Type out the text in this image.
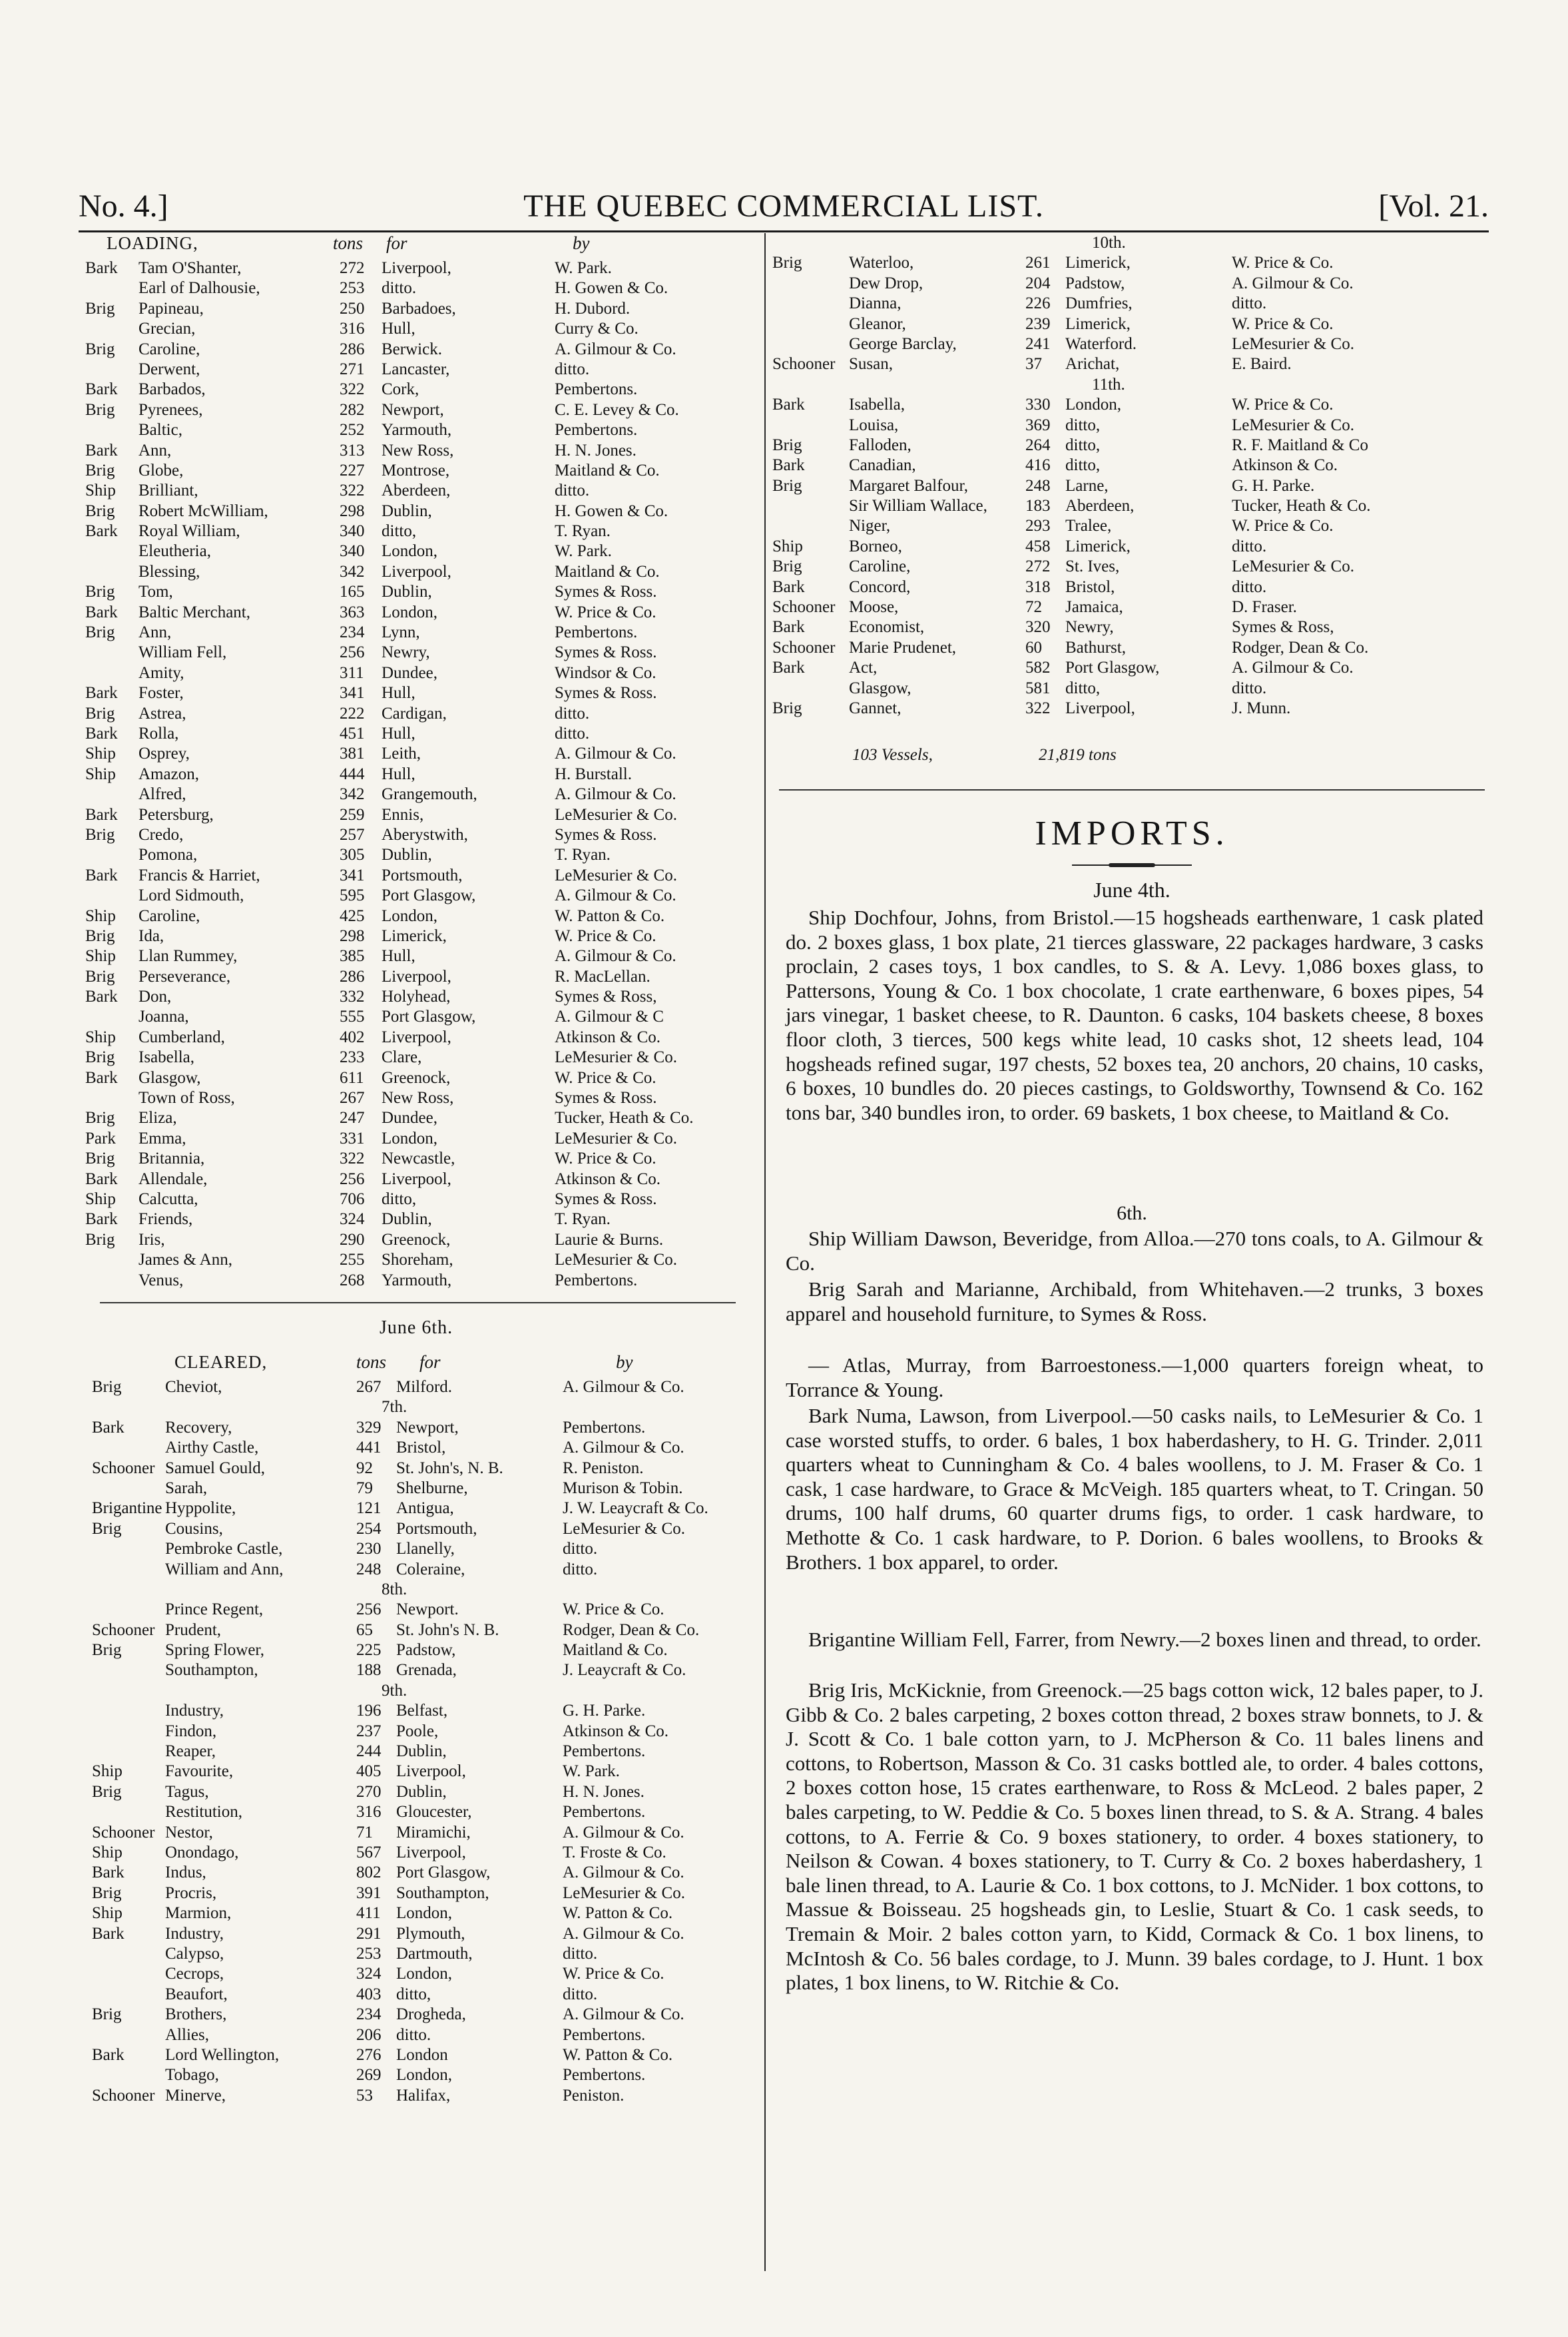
No. 4.]	THE QUEBEC COMMERCIAL LIST.	[Vol. 21.
LOADING,	tons for	by
Bark Tam O'Shanter,	272 Liverpool,	W. Park.
Earl of Dalhousie,	253 ditto.	H. Gowen & Co.
Brig Papineau,	250 Barbadoes,	H. Dubord.
Grecian,	316 Hull,	Curry & Co.
Brig Caroline,	286 Berwick.	A. Gilmour & Co.
Derwent,	271 Lancaster,	ditto.
Bark Barbados,	322 Cork,	Pembertons.
Brig Pyrenees,	282 Newport,	C. E. Levey & Co.
Baltic,	252 Yarmouth,	Pembertons.
Bark Ann,	313 New Ross,	H. N. Jones.
Brig Globe,	227 Montrose,	Maitland & Co.
Ship Brilliant,	322 Aberdeen,	ditto.
Brig Robert McWilliam,	298 Dublin,	H. Gowen & Co.
Bark Royal William,	340 ditto,	T. Ryan.
Eleutheria,	340 London,	W. Park.
Blessing,	342 Liverpool,	Maitland & Co.
Brig Tom,	165 Dublin,	Symes & Ross.
Bark Baltic Merchant,	363 London,	W. Price & Co.
Brig Ann,	234 Lynn,	Pembertons.
William Fell,	256 Newry,	Symes & Ross.
Amity,	311 Dundee,	Windsor & Co.
Bark Foster,	341 Hull,	Symes & Ross.
Brig Astrea,	222 Cardigan,	ditto.
Bark Rolla,	451 Hull,	ditto.
Ship Osprey,	381 Leith,	A. Gilmour & Co.
Ship Amazon,	444 Hull,	H. Burstall.
Alfred,	342 Grangemouth,	A. Gilmour & Co.
Bark Petersburg,	259 Ennis,	LeMesurier & Co.
Brig Credo,	257 Aberystwith,	Symes & Ross.
Pomona,	305 Dublin,	T. Ryan.
Bark Francis & Harriet,	341 Portsmouth,	LeMesurier & Co.
Lord Sidmouth,	595 Port Glasgow,	A. Gilmour & Co.
Ship Caroline,	425 London,	W. Patton & Co.
Brig Ida,	298 Limerick,	W. Price & Co.
Ship Llan Rummey,	385 Hull,	A. Gilmour & Co.
Brig Perseverance,	286 Liverpool,	R. MacLellan.
Bark Don,	332 Holyhead,	Symes & Ross,
Joanna,	555 Port Glasgow,	A. Gilmour & C
Ship Cumberland,	402 Liverpool,	Atkinson & Co.
Brig Isabella,	233 Clare,	LeMesurier & Co.
Bark Glasgow,	611 Greenock,	W. Price & Co.
Town of Ross,	267 New Ross,	Symes & Ross.
Brig Eliza,	247 Dundee,	Tucker, Heath & Co.
Park Emma,	331 London,	LeMesurier & Co.
Brig Britannia,	322 Newcastle,	W. Price & Co.
Bark Allendale,	256 Liverpool,	Atkinson & Co.
Ship Calcutta,	706 ditto,	Symes & Ross.
Bark Friends,	324 Dublin,	T. Ryan.
Brig Iris,	290 Greenock,	Laurie & Burns.
James & Ann,	255 Shoreham,	LeMesurier & Co.
Venus,	268 Yarmouth,	Pembertons.
June 6th.
CLEARED,	tons for	by
Brig	Cheviot,	267 Milford.	A. Gilmour & Co.
7th.
Bark Recovery,	329 Newport,	Pembertons.
Airthy Castle,	441 Bristol,	A. Gilmour & Co.
Schooner Samuel Gould,	92 St. John's, N. B.	R. Peniston.
Sarah,	79 Shelburne,	Murison & Tobin.
Brigantine Hyppolite,	121 Antigua,	J. W. Leaycraft & Co.
Brig	Cousins,	254 Portsmouth,	LeMesurier & Co.
Pembroke Castle,	230 Llanelly,	ditto.
William and Ann,	248 Coleraine,	ditto.
8th.
Prince Regent,	256 Newport.	W. Price & Co.
Schooner Prudent,	65 St. John's N. B.	Rodger, Dean & Co.
Brig	Spring Flower,	225 Padstow,	Maitland & Co.
Southampton,	188 Grenada,	J. Leaycraft & Co.
9th.
Industry,	196 Belfast,	G. H. Parke.
Findon,	237 Poole,	Atkinson & Co.
Reaper,	244 Dublin,	Pembertons.
Ship	Favourite,	405 Liverpool,	W. Park.
Brig	Tagus,	270 Dublin,	H. N. Jones.
Restitution,	316 Gloucester,	Pembertons.
Schooner Nestor,	71 Miramichi,	A. Gilmour & Co.
Ship	Onondago,	567 Liverpool,	T. Froste & Co.
Bark Indus,	802 Port Glasgow,	A. Gilmour & Co.
Brig	Procris,	391 Southampton,	LeMesurier & Co.
Ship	Marmion,	411 London,	W. Patton & Co.
Bark Industry,	291 Plymouth,	A. Gilmour & Co.
Calypso,	253 Dartmouth,	ditto.
Cecrops,	324 London,	W. Price & Co.
Beaufort,	403 ditto,	ditto.
Brig	Brothers,	234 Drogheda,	A. Gilmour & Co.
Allies,	206 ditto.	Pembertons.
Bark Lord Wellington,	276 London	W. Patton & Co.
Tobago,	269 London,	Pembertons.
Schooner Minerve,	53 Halifax,	Peniston.
10th.
Brig	Waterloo,	261 Limerick,	W. Price & Co.
Dew Drop,	204 Padstow,	A. Gilmour & Co.
Dianna,	226 Dumfries,	ditto.
Gleanor,	239 Limerick,	W. Price & Co.
George Barclay,	241 Waterford.	LeMesurier & Co.
Schooner Susan,	37 Arichat,	E. Baird.
11th.
Bark	Isabella,	330 London,	W. Price & Co.
Louisa,	369 ditto,	LeMesurier & Co.
Brig	Falloden,	264 ditto,	R. F. Maitland & Co
Bark	Canadian,	416 ditto,	Atkinson & Co.
Brig	Margaret Balfour,	248 Larne,	G. H. Parke.
Sir William Wallace, 183 Aberdeen,	Tucker, Heath & Co.
Niger,	293 Tralee,	W. Price & Co.
Ship	Borneo,	458 Limerick,	ditto.
Brig	Caroline,	272 St. Ives,	LeMesurier & Co.
Bark	Concord,	318 Bristol,	ditto.
Schooner Moose,	72 Jamaica,	D. Fraser.
Bark	Economist,	320 Newry,	Symes & Ross,
Schooner Marie Prudenet,	60 Bathurst,	Rodger, Dean & Co.
Bark	Act,	582 Port Glasgow,	A. Gilmour & Co.
Glasgow,	581 ditto,	ditto.
Brig	Gannet,	322 Liverpool,	J. Munn.
103 Vessels,	21,819 tons
IMPORTS.
June 4th.
Ship Dochfour, Johns, from Bristol.—15 hogsheads earthenware, 1 cask plated do. 2 boxes glass, 1 box plate, 21 tierces glassware, 22 packages hardware, 3 casks proclain, 2 cases toys, 1 box candles, to S. & A. Levy. 1,086 boxes glass, to Pattersons, Young & Co. 1 box chocolate, 1 crate earthenware, 6 boxes pipes, 54 jars vinegar, 1 basket cheese, to R. Daunton. 6 casks, 104 baskets cheese, 8 boxes floor cloth, 3 tierces, 500 kegs white lead, 10 casks shot, 12 sheets lead, 104 hogsheads refined sugar, 197 chests, 52 boxes tea, 20 anchors, 20 chains, 10 casks, 6 boxes, 10 bundles do. 20 pieces castings, to Goldsworthy, Townsend & Co. 162 tons bar, 340 bundles iron, to order. 69 baskets, 1 box cheese, to Maitland & Co.
6th.
Ship William Dawson, Beveridge, from Alloa.—270 tons coals, to A. Gilmour & Co.
Brig Sarah and Marianne, Archibald, from Whitehaven.—2 trunks, 3 boxes apparel and household furniture, to Symes & Ross.
— Atlas, Murray, from Barroestoness.—1,000 quarters foreign wheat, to Torrance & Young.
Bark Numa, Lawson, from Liverpool.—50 casks nails, to LeMesurier & Co. 1 case worsted stuffs, to order. 6 bales, 1 box haberdashery, to H. G. Trinder. 2,011 quarters wheat to Cunningham & Co. 4 bales woollens, to J. M. Fraser & Co. 1 cask, 1 case hardware, to Grace & McVeigh. 185 quarters wheat, to T. Cringan. 50 drums, 100 half drums, 60 quarter drums figs, to order. 1 cask hardware, to Methotte & Co. 1 cask hardware, to P. Dorion. 6 bales woollens, to Brooks & Brothers. 1 box apparel, to order.
Brigantine William Fell, Farrer, from Newry.—2 boxes linen and thread, to order.
Brig Iris, McKicknie, from Greenock.—25 bags cotton wick, 12 bales paper, to J. Gibb & Co. 2 bales carpeting, 2 boxes cotton thread, 2 boxes straw bonnets, to J. & J. Scott & Co. 1 bale cotton yarn, to J. McPherson & Co. 11 bales linens and cottons, to Robertson, Masson & Co. 31 casks bottled ale, to order. 4 bales cottons, 2 boxes cotton hose, 15 crates earthenware, to Ross & McLeod. 2 bales paper, 2 bales carpeting, to W. Peddie & Co. 5 boxes linen thread, to S. & A. Strang. 4 bales cottons, to A. Ferrie & Co. 9 boxes stationery, to order. 4 boxes stationery, to Neilson & Cowan. 4 boxes stationery, to T. Curry & Co. 2 boxes haberdashery, 1 bale linen thread, to A. Laurie & Co. 1 box cottons, to J. McNider. 1 box cottons, to Massue & Boisseau. 25 hogsheads gin, to Leslie, Stuart & Co. 1 cask seeds, to Tremain & Moir. 2 bales cotton yarn, to Kidd, Cormack & Co. 1 box linens, to McIntosh & Co. 56 bales cordage, to J. Munn. 39 bales cordage, to J. Hunt. 1 box plates, 1 box linens, to W. Ritchie & Co.
